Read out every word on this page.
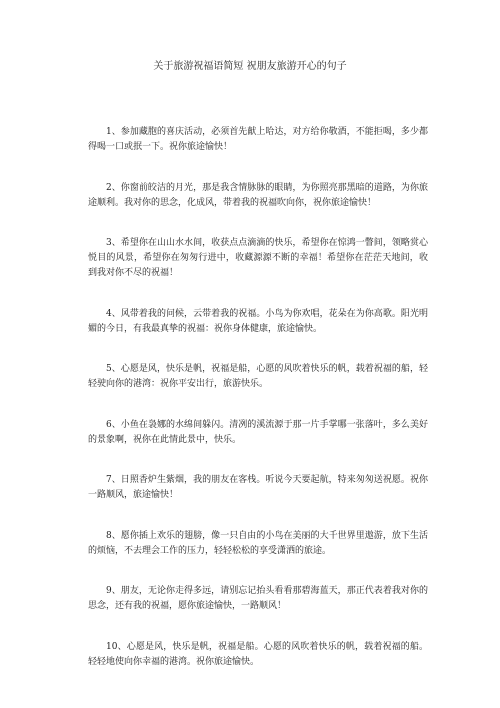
关于旅游祝福语简短 祝朋友旅游开心的句子

1、参加藏胞的喜庆活动，必须首先献上哈达，对方给你敬酒，不能拒喝，多少都得喝一口或抿一下。祝你旅途愉快！

2、你窗前皎洁的月光，那是我含情脉脉的眼睛，为你照亮那黑暗的道路，为你旅途顺利。我对你的思念，化成风，带着我的祝福吹向你，祝你旅途愉快！

3、希望你在山山水水间，收获点点滴滴的快乐，希望你在惊鸿一瞥间，领略赏心悦目的风景，希望你在匆匆行进中，收藏源源不断的幸福！希望你在茫茫天地间，收到我对你不尽的祝福！

4、风带着我的问候，云带着我的祝福。小鸟为你欢唱，花朵在为你高歌。阳光明媚的今日，有我最真挚的祝福：祝你身体健康，旅途愉快。

5、心愿是风，快乐是帆，祝福是船，心愿的风吹着快乐的帆，载着祝福的船，轻轻驶向你的港湾：祝你平安出行，旅游快乐。

6、小鱼在袅娜的水绵间躲闪。清冽的溪流源于那一片手掌哪一张落叶，多么美好的景象啊，祝你在此情此景中，快乐。

7、日照香炉生紫烟，我的朋友在客栈。听说今天要起航，特来匆匆送祝愿。祝你一路顺风，旅途愉快！

8、愿你插上欢乐的翅膀，像一只自由的小鸟在美丽的大千世界里遨游，放下生活的烦恼，不去理会工作的压力，轻轻松松的享受潇洒的旅途。

9、朋友，无论你走得多远，请别忘记抬头看看那碧海蓝天，那正代表着我对你的思念，还有我的祝福，愿你旅途愉快，一路顺风！

10、心愿是风，快乐是帆，祝福是船。心愿的风吹着快乐的帆，载着祝福的船。轻轻地使向你幸福的港湾。祝你旅途愉快。
